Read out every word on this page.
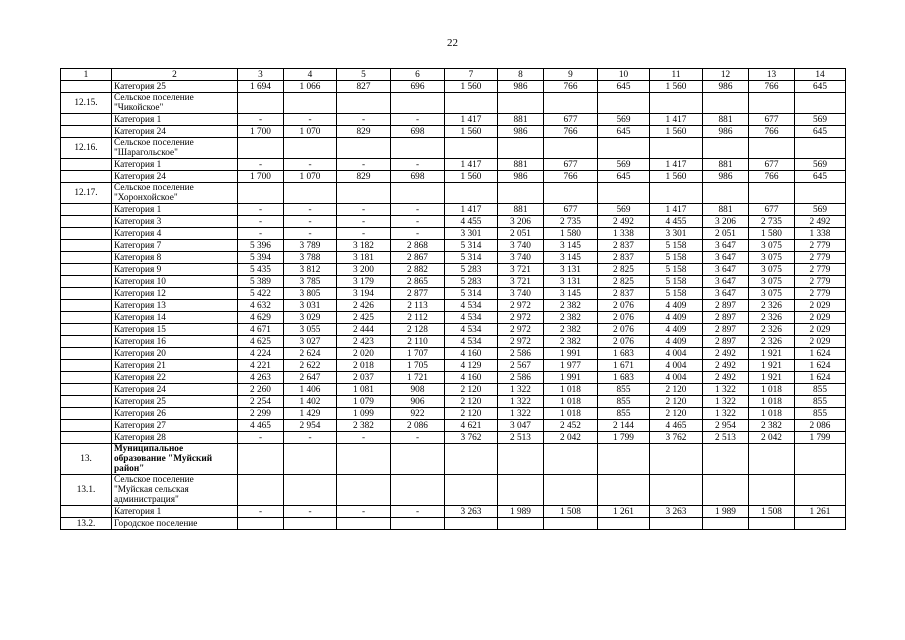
22
1	2	3	4	5	6	7	8	9	10	11	12	13	14
	Категория 25	1 694	1 066	827	696	1 560	986	766	645	1 560	986	766	645
12.15.	Сельское поселение
"Чикойское"												
	Категория 1	-	-	-	-	1 417	881	677	569	1 417	881	677	569
	Категория 24	1 700	1 070	829	698	1 560	986	766	645	1 560	986	766	645
12.16.	Сельское поселение
"Шарагольское"												
	Категория 1	-	-	-	-	1 417	881	677	569	1 417	881	677	569
	Категория 24	1 700	1 070	829	698	1 560	986	766	645	1 560	986	766	645
12.17.	Сельское поселение
"Хоронхойское"												
	Категория 1	-	-	-	-	1 417	881	677	569	1 417	881	677	569
	Категория 3	-	-	-	-	4 455	3 206	2 735	2 492	4 455	3 206	2 735	2 492
	Категория 4	-	-	-	-	3 301	2 051	1 580	1 338	3 301	2 051	1 580	1 338
	Категория 7	5 396	3 789	3 182	2 868	5 314	3 740	3 145	2 837	5 158	3 647	3 075	2 779
	Категория 8	5 394	3 788	3 181	2 867	5 314	3 740	3 145	2 837	5 158	3 647	3 075	2 779
	Категория 9	5 435	3 812	3 200	2 882	5 283	3 721	3 131	2 825	5 158	3 647	3 075	2 779
	Категория 10	5 389	3 785	3 179	2 865	5 283	3 721	3 131	2 825	5 158	3 647	3 075	2 779
	Категория 12	5 422	3 805	3 194	2 877	5 314	3 740	3 145	2 837	5 158	3 647	3 075	2 779
	Категория 13	4 632	3 031	2 426	2 113	4 534	2 972	2 382	2 076	4 409	2 897	2 326	2 029
	Категория 14	4 629	3 029	2 425	2 112	4 534	2 972	2 382	2 076	4 409	2 897	2 326	2 029
	Категория 15	4 671	3 055	2 444	2 128	4 534	2 972	2 382	2 076	4 409	2 897	2 326	2 029
	Категория 16	4 625	3 027	2 423	2 110	4 534	2 972	2 382	2 076	4 409	2 897	2 326	2 029
	Категория 20	4 224	2 624	2 020	1 707	4 160	2 586	1 991	1 683	4 004	2 492	1 921	1 624
	Категория 21	4 221	2 622	2 018	1 705	4 129	2 567	1 977	1 671	4 004	2 492	1 921	1 624
	Категория 22	4 263	2 647	2 037	1 721	4 160	2 586	1 991	1 683	4 004	2 492	1 921	1 624
	Категория 24	2 260	1 406	1 081	908	2 120	1 322	1 018	855	2 120	1 322	1 018	855
	Категория 25	2 254	1 402	1 079	906	2 120	1 322	1 018	855	2 120	1 322	1 018	855
	Категория 26	2 299	1 429	1 099	922	2 120	1 322	1 018	855	2 120	1 322	1 018	855
	Категория 27	4 465	2 954	2 382	2 086	4 621	3 047	2 452	2 144	4 465	2 954	2 382	2 086
	Категория 28	-	-	-	-	3 762	2 513	2 042	1 799	3 762	2 513	2 042	1 799
13.	Муниципальное
образование "Муйский
район"												
13.1.	Сельское поселение
"Муйская сельская
администрация"												
	Категория 1	-	-	-	-	3 263	1 989	1 508	1 261	3 263	1 989	1 508	1 261
13.2.	Городское поселение												
